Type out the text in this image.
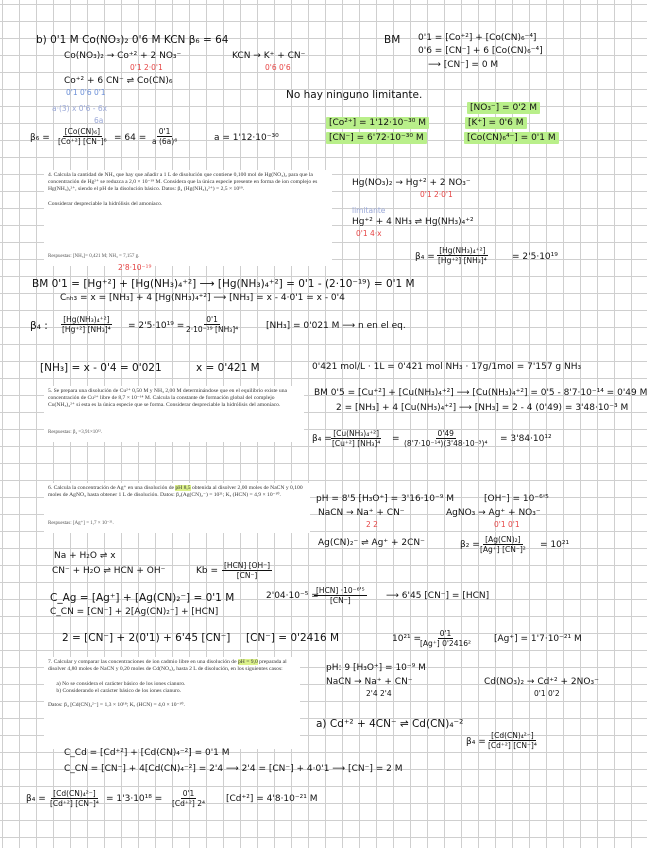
b) 0'1 M Co(NO₃)₂ 0'6 M KCN β₆ = 64
Co(NO₃)₂ → Co⁺² + 2 NO₃⁻
0'1 2·0'1
KCN → K⁺ + CN⁻
0'6 0'6
Co⁺² + 6 CN⁻ ⇌ Co(CN)₆
0'1 0'6 0'1
a·(3) x 0'6 - 6x
6a
BM 0'1 = [Co⁺²] + [Co(CN)₆⁻⁴]
0'6 = [CN⁻] + 6 [Co(CN)₆⁻⁴]
⟶ [CN⁻] = 0 M
No hay ninguno limitante.
[NO₃⁻] = 0'2 M
[K⁺] = 0'6 M
[Co²⁺] = 1'12·10⁻³⁰ M
[CN⁻] = 6'72·10⁻³⁰ M	[Co(CN)₆⁴⁻] = 0'1 M
$\beta_6 = \frac{\text{[Co(CN)₆]}}{\text{[Co⁺²] [CN⁻]⁶}} = 64 = \frac{0'1}{\text{a (6a)⁶}}$	a = 1'12·10⁻³⁰
4. Calcula la cantidad de NH₃ que hay que añadir a 1 L de disolución que contiene 0,100 mol de Hg(NO₃)₂ para que la concentración de Hg²⁺ se reduzca a 2,0 × 10⁻¹⁹ M. Considera que la única especie presente en forma de ion complejo es Hg(NH₃)₄²⁺, siendo el pH de la disolución básico. Datos: β₄ (Hg(NH₃)₄²⁺) = 2,5 × 10¹⁹.

Considerar despreciable la hidrólisis del amoníaco.
Respuestas: [NH₃]= 0,421 M; NH₃ = 7,157 g.
2'8·10⁻¹⁹
Hg(NO₃)₂ → Hg⁺² + 2 NO₃⁻
0'1 2·0'1
limitante
Hg⁺² + 4 NH₃ ⇌ Hg(NH₃)₄⁺²
0'1 4·x
$\beta_4 = \frac{\text{[Hg(NH₃)₄⁺²]}}{\text{[Hg⁺²] [NH₃]⁴}}$	= 2'5·10¹⁹
BM 0'1 = [Hg⁺²] + [Hg(NH₃)₄⁺²] ⟶ [Hg(NH₃)₄⁺²] = 0'1 - (2·10⁻¹⁹) = 0'1 M
Cₙₕ₃ = x = [NH₃] + 4 [Hg(NH₃)₄⁺²] ⟶ [NH₃] = x - 4·0'1 = x - 0'4
β₄ : $\frac{\text{[Hg(NH₃)₄⁺²]}}{\text{[Hg⁺²] [NH₃]⁴}} = 2'5\cdot 10^{19} = \frac{0'1}{\text{2·10⁻¹⁹ [NH₃]⁴}}$	[NH₃] = 0'021 M ⟶ n en el eq.
[NH₃] = x - 0'4 = 0'021	x = 0'421 M	0'421 mol/L · 1L = 0'421 mol NH₃ · 17g/1mol = 7'157 g NH₃
5. Se prepara una disolución de Cu²⁺ 0,50 M y NH₃ 2,00 M determinándose que en el equilibrio existe una concentración de Cu²⁺ libre de 8,7 × 10⁻¹⁴ M. Calcula la constante de formación global del complejo Cu(NH₃)₄²⁺ si esta es la única especie que se forma. Considerar despreciable la hidrólisis del amoníaco.
Respuestas: β₄ =3,91×10¹².
BM 0'5 = [Cu⁺²] + [Cu(NH₃)₄⁺²] ⟶ [Cu(NH₃)₄⁺²] = 0'5 - 8'7·10⁻¹⁴ = 0'49 M
2 = [NH₃] + 4 [Cu(NH₃)₄⁺²] ⟶ [NH₃] = 2 - 4 (0'49) = 3'48·10⁻³ M
β₄ =
$\frac{\text{[Cu(NH₃)₄⁺²]}}{\text{[Cu⁺²] [NH₃]⁴}} = \frac{0'49}{\text{(8'7·10⁻¹⁴)(3'48·10⁻³)⁴}} = 3'84\cdot 10^{12}$
6. Calcula la concentración de Ag⁺ en una disolución de pH 8,5 obtenida al disolver 2,00 moles de NaCN y 0,100 moles de AgNO₃ hasta obtener 1 L de disolución. Datos: β₂(Ag(CN)₂⁻) = 10²¹; Kₐ (HCN) = 4,9 × 10⁻¹⁰.
Respuestas: [Ag⁺] = 1,7 × 10⁻²¹.
pH = 8'5 [H₃O⁺] = 3'16·10⁻⁹ M	[OH⁻] = 10⁻⁶'⁵
NaCN → Na⁺ + CN⁻
2 2
AgNO₃ → Ag⁺ + NO₃⁻
0'1 0'1
Ag(CN)₂⁻ ⇌ Ag⁺ + 2CN⁻	β₂ =
$\frac{\text{[Ag(CN)₂]}}{\text{[Ag⁺] [CN⁻]²}} = 10^{21}$
Na + H₂O ⇌ x
CN⁻ + H₂O ⇌ HCN + OH⁻	Kb =
[HCN] [OH⁻]
[CN⁻]
C_Ag = [Ag⁺] + [Ag(CN)₂⁻] = 0'1 M
C_CN = [CN⁻] + 2[Ag(CN)₂⁻] + [HCN]
2'04·10⁻⁵ =
[HCN] ·10⁻⁶'⁵
[CN⁻]	⟶ 6'45 [CN⁻] = [HCN]
2 = [CN⁻] + 2(0'1) + 6'45 [CN⁻] [CN⁻] = 0'2416 M	10²¹ =
$\frac{0'1}{\text{[Ag⁺] 0'2416²}} [Ag^+] = 1'7\cdot 10^{-21}$ M
7. Calcular y comparar las concentraciones de ion cadmio libre en una disolución de pH = 9,0 preparada al disolver 4,80 moles de NaCN y 0,20 moles de Cd(NO₃)₂ hasta 2 L de disolución, en los siguientes casos:

a) No se considera el carácter básico de los iones cianuro.
b) Considerando el carácter básico de los iones cianuro.

Datos: β₄ [Cd(CN)₄²⁻] = 1,3 × 10¹⁸; Kₐ (HCN) = 4,0 × 10⁻¹⁰.
pH: 9 [H₃O⁺] = 10⁻⁹ M
NaCN → Na⁺ + CN⁻
2'4 2'4
Cd(NO₃)₂ → Cd⁺² + 2NO₃⁻
0'1 0'2
a) Cd⁺² + 4CN⁻ ⇌ Cd(CN)₄⁻²
$\beta_4 = \frac{\text{[Cd(CN)₄²⁻]}}{\text{[Cd⁺²] [CN⁻]⁴}}$
C_Cd = [Cd⁺²] + [Cd(CN)₄⁻²] = 0'1 M
C_CN = [CN⁻] + 4[Cd(CN)₄⁻²] = 2'4 ⟶ 2'4 = [CN⁻] + 4·0'1 ⟶ [CN⁻] = 2 M
$\beta_4 = \frac{\text{[Cd(CN)₄²⁻]}}{\text{[Cd⁺²] [CN⁻]⁴}} = 1'3\cdot 10^{18} = \frac{0'1}{\text{[Cd⁺²] 2⁴}} [Cd^{+2}] = 4'8\cdot 10^{-21}$ M
